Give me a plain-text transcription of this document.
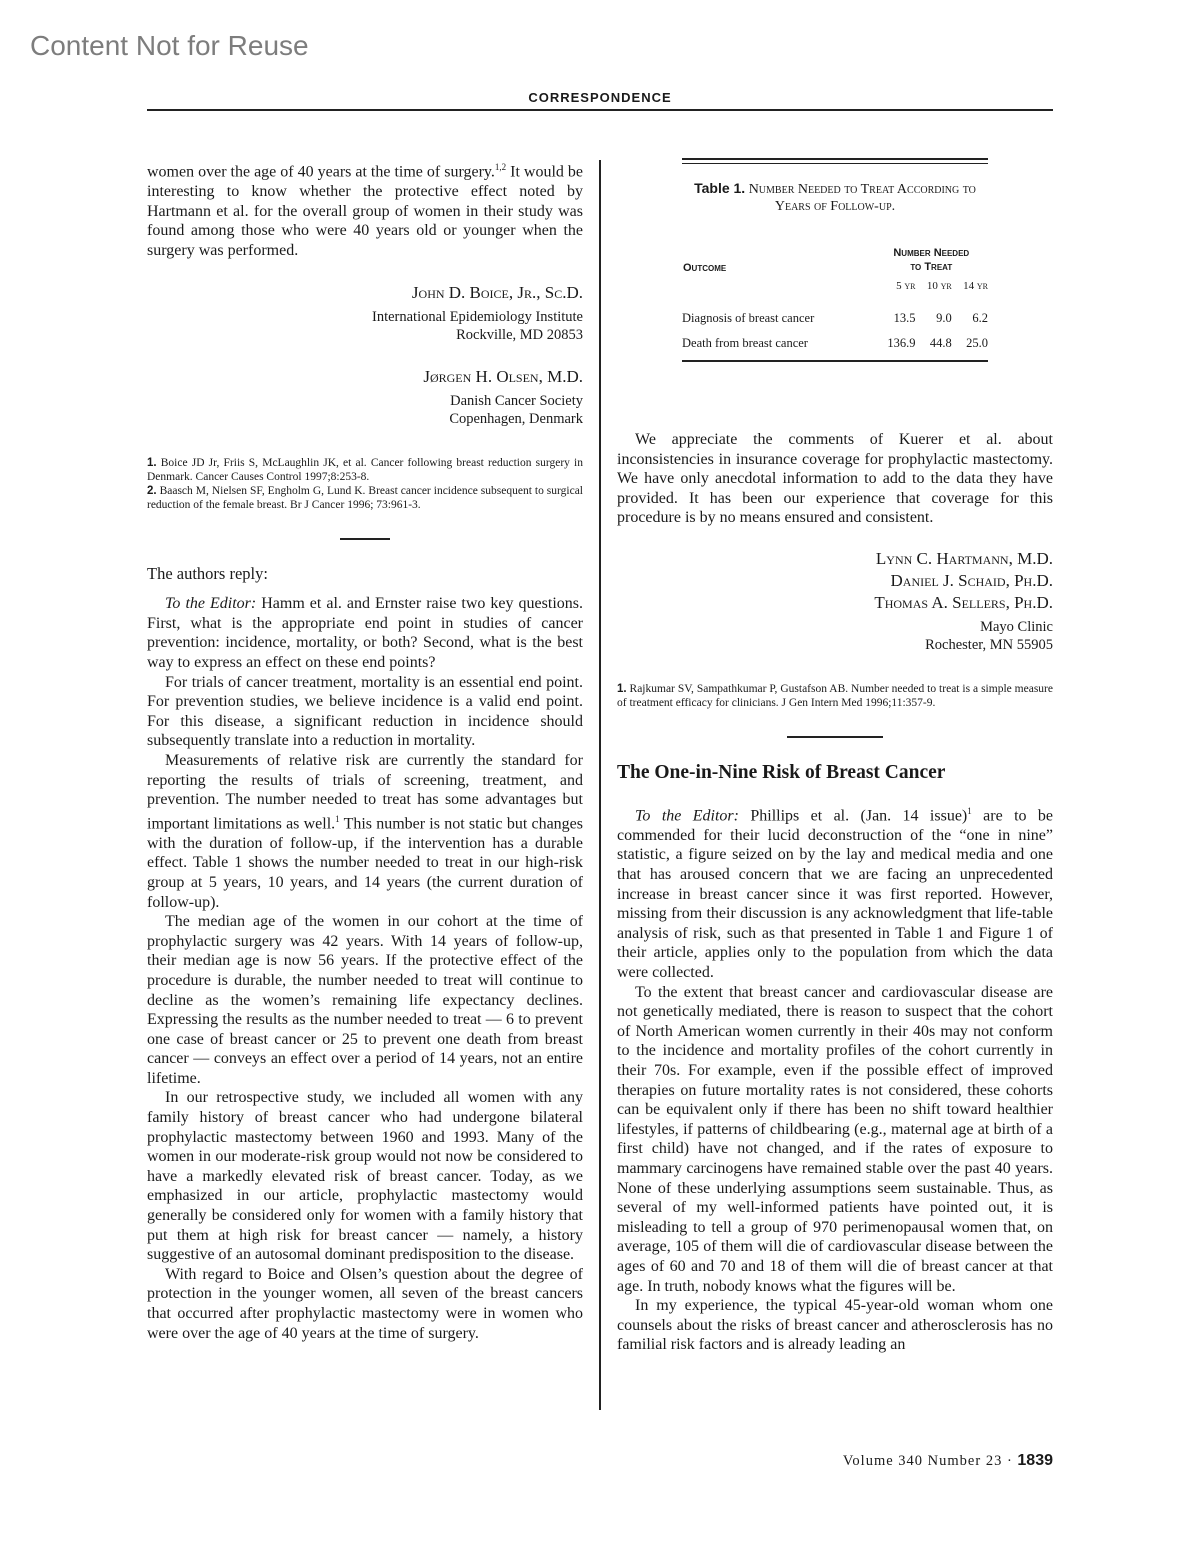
Content Not for Reuse
CORRESPONDENCE

women over the age of 40 years at the time of surgery.$^{1,2}$ It would be interesting to know whether the protective effect noted by Hartmann et al. for the overall group of women in their study was found among those who were 40 years old or younger when the surgery was performed.

John D. Boice, Jr., Sc.D.
International Epidemiology Institute
Rockville, MD 20853
Jørgen H. Olsen, M.D.
Danish Cancer Society
Copenhagen, Denmark

1. Boice JD Jr, Friis S, McLaughlin JK, et al. Cancer following breast reduction surgery in Denmark. Cancer Causes Control 1997;8:253-8.

2. Baasch M, Nielsen SF, Engholm G, Lund K. Breast cancer incidence subsequent to surgical reduction of the female breast. Br J Cancer 1996; 73:961-3.

The authors reply:

To the Editor: Hamm et al. and Ernster raise two key questions. First, what is the appropriate end point in studies of cancer prevention: incidence, mortality, or both? Second, what is the best way to express an effect on these end points?

For trials of cancer treatment, mortality is an essential end point. For prevention studies, we believe incidence is a valid end point. For this disease, a significant reduction in incidence should subsequently translate into a reduction in mortality.

Measurements of relative risk are currently the standard for reporting the results of trials of screening, treatment, and prevention. The number needed to treat has some advantages but important limitations as well.$^1$ This number is not static but changes with the duration of follow-up, if the intervention has a durable effect. Table 1 shows the number needed to treat in our high-risk group at 5 years, 10 years, and 14 years (the current duration of follow-up).

The median age of the women in our cohort at the time of prophylactic surgery was 42 years. With 14 years of follow-up, their median age is now 56 years. If the protective effect of the procedure is durable, the number needed to treat will continue to decline as the women’s remaining life expectancy declines. Expressing the results as the number needed to treat — 6 to prevent one case of breast cancer or 25 to prevent one death from breast cancer — conveys an effect over a period of 14 years, not an entire lifetime.

In our retrospective study, we included all women with any family history of breast cancer who had undergone bilateral prophylactic mastectomy between 1960 and 1993. Many of the women in our moderate-risk group would not now be considered to have a markedly elevated risk of breast cancer. Today, as we emphasized in our article, prophylactic mastectomy would generally be considered only for women with a family history that put them at high risk for breast cancer — namely, a history suggestive of an autosomal dominant predisposition to the disease.

With regard to Boice and Olsen’s question about the degree of protection in the younger women, all seven of the breast cancers that occurred after prophylactic mastectomy were in women who were over the age of 40 years at the time of surgery.

Table 1. Number Needed to Treat According to Years of Follow-up.
Outcome	Number Needed
to Treat		

	5 yr	10 yr	14 yr
Diagnosis of breast cancer	13.5	9.0	6.2
Death from breast cancer	136.9	44.8	25.0

We appreciate the comments of Kuerer et al. about inconsistencies in insurance coverage for prophylactic mastectomy. We have only anecdotal information to add to the data they have provided. It has been our experience that coverage for this procedure is by no means ensured and consistent.

Lynn C. Hartmann, M.D.
Daniel J. Schaid, Ph.D.
Thomas A. Sellers, Ph.D.
Mayo Clinic
Rochester, MN 55905

1. Rajkumar SV, Sampathkumar P, Gustafson AB. Number needed to treat is a simple measure of treatment efficacy for clinicians. J Gen Intern Med 1996;11:357-9.

The One-in-Nine Risk of Breast Cancer

To the Editor: Phillips et al. (Jan. 14 issue)$^1$ are to be commended for their lucid deconstruction of the “one in nine” statistic, a figure seized on by the lay and medical media and one that has aroused concern that we are facing an unprecedented increase in breast cancer since it was first reported. However, missing from their discussion is any acknowledgment that life-table analysis of risk, such as that presented in Table 1 and Figure 1 of their article, applies only to the population from which the data were collected.

To the extent that breast cancer and cardiovascular disease are not genetically mediated, there is reason to suspect that the cohort of North American women currently in their 40s may not conform to the incidence and mortality profiles of the cohort currently in their 70s. For example, even if the possible effect of improved therapies on future mortality rates is not considered, these cohorts can be equivalent only if there has been no shift toward healthier lifestyles, if patterns of childbearing (e.g., maternal age at birth of a first child) have not changed, and if the rates of exposure to mammary carcinogens have remained stable over the past 40 years. None of these underlying assumptions seem sustainable. Thus, as several of my well-informed patients have pointed out, it is misleading to tell a group of 970 perimenopausal women that, on average, 105 of them will die of cardiovascular disease between the ages of 60 and 70 and 18 of them will die of breast cancer at that age. In truth, nobody knows what the figures will be.

In my experience, the typical 45-year-old woman whom one counsels about the risks of breast cancer and atherosclerosis has no familial risk factors and is already leading an

Volume 340 Number 23 · 1839
